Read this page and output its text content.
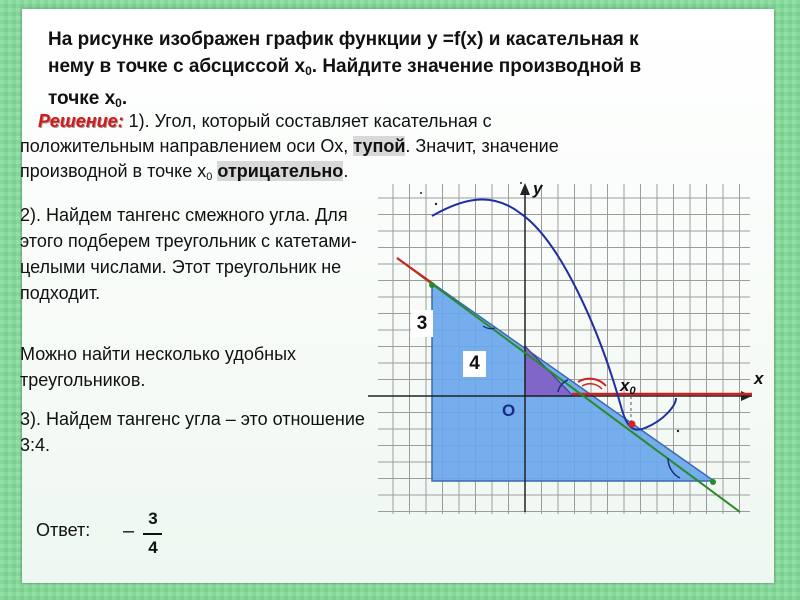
На рисунке изображен график функции y =f(x) и касательная к
нему в точке с абсциссой $x_0$. Найдите значение производной в
точке $x_0$.
Решение: 1). Угол, который составляет касательная с
положительным направлением оси Ох, тупой. Значит, значение
производной в точке х0 отрицательно.
2). Найдем тангенс смежного угла. Для этого подберем треугольник с катетами-целыми числами. Этот треугольник не подходит.
Можно найти несколько удобных треугольников.
3). Найдем тангенс угла – это отношение 3:4.
Ответ: –
3
4
3
4
y
x
O
x0
